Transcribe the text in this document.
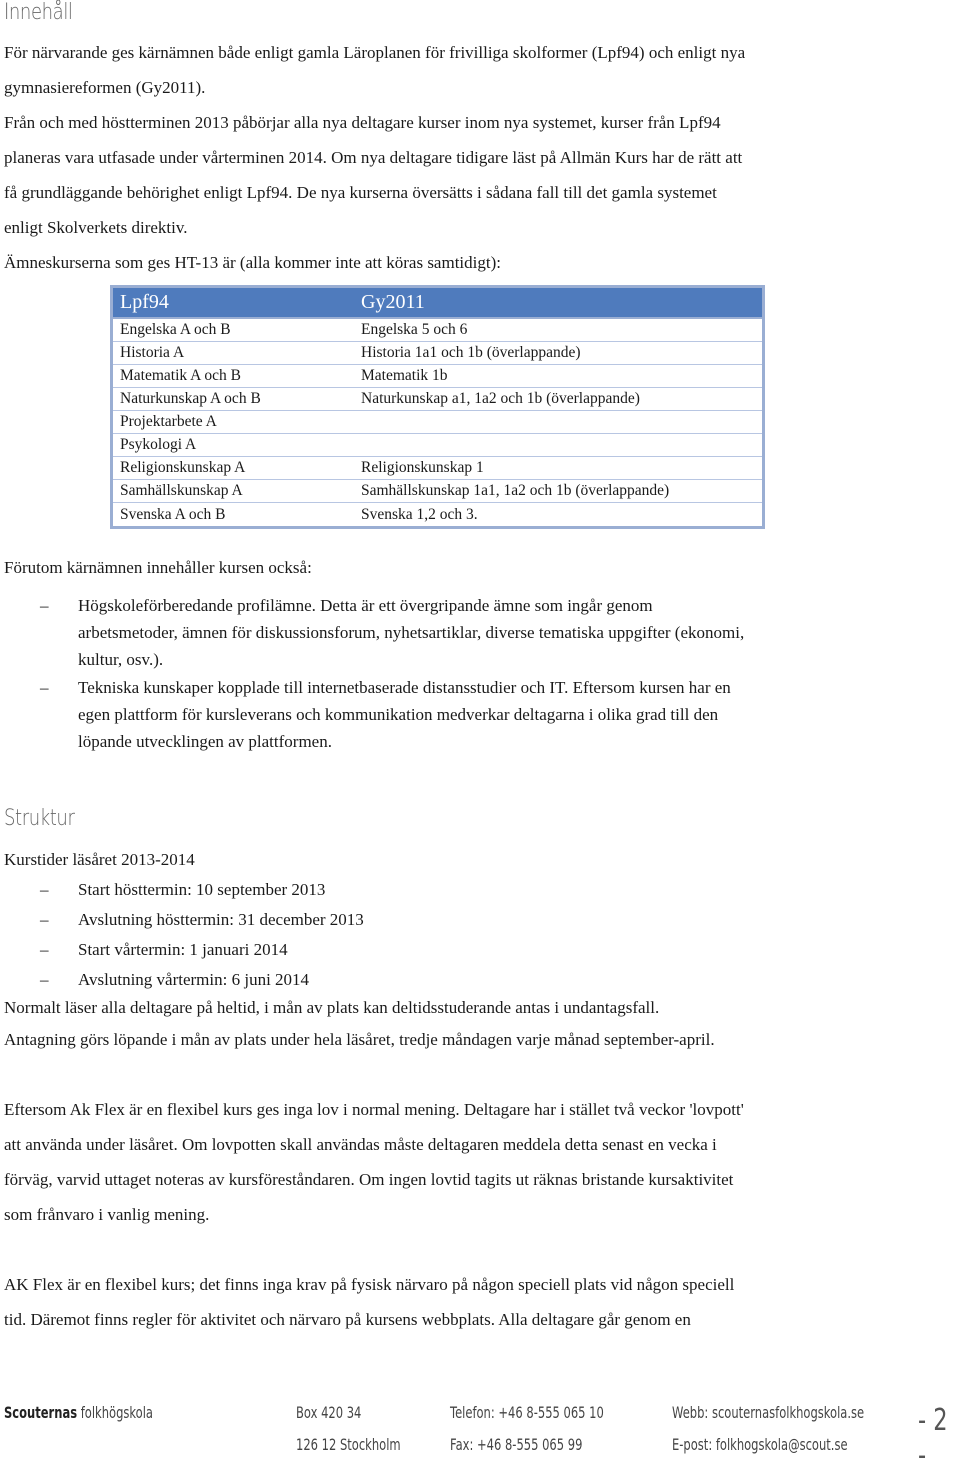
Innehåll
För närvarande ges kärnämnen både enligt gamla Läroplanen för frivilliga skolformer (Lpf94) och enligt nya
gymnasiereformen (Gy2011).
Från och med höstterminen 2013 påbörjar alla nya deltagare kurser inom nya systemet, kurser från Lpf94
planeras vara utfasade under vårterminen 2014. Om nya deltagare tidigare läst på Allmän Kurs har de rätt att
få grundläggande behörighet enligt Lpf94. De nya kurserna översätts i sådana fall till det gamla systemet
enligt Skolverkets direktiv.
Ämneskurserna som ges HT-13 är (alla kommer inte att köras samtidigt):
Lpf94	Gy2011
Engelska A och B	Engelska 5 och 6
Historia A	Historia 1a1 och 1b (överlappande)
Matematik A och B	Matematik 1b
Naturkunskap A och B	Naturkunskap a1, 1a2 och 1b (överlappande)
Projektarbete A
Psykologi A
Religionskunskap A	Religionskunskap 1
Samhällskunskap A	Samhällskunskap 1a1, 1a2 och 1b (överlappande)
Svenska A och B	Svenska 1,2 och 3.
Förutom kärnämnen innehåller kursen också:
– Högskoleförberedande profilämne. Detta är ett övergripande ämne som ingår genom
arbetsmetoder, ämnen för diskussionsforum, nyhetsartiklar, diverse tematiska uppgifter (ekonomi,
kultur, osv.).
– Tekniska kunskaper kopplade till internetbaserade distansstudier och IT. Eftersom kursen har en
egen plattform för kursleverans och kommunikation medverkar deltagarna i olika grad till den
löpande utvecklingen av plattformen.
Struktur
Kurstider läsåret 2013-2014
– Start hösttermin: 10 september 2013
– Avslutning hösttermin: 31 december 2013
– Start vårtermin: 1 januari 2014
– Avslutning vårtermin: 6 juni 2014
Normalt läser alla deltagare på heltid, i mån av plats kan deltidsstuderande antas i undantagsfall.
Antagning görs löpande i mån av plats under hela läsåret, tredje måndagen varje månad september-april.
Eftersom Ak Flex är en flexibel kurs ges inga lov i normal mening. Deltagare har i stället två veckor 'lovpott'
att använda under läsåret. Om lovpotten skall användas måste deltagaren meddela detta senast en vecka i
förväg, varvid uttaget noteras av kursföreståndaren. Om ingen lovtid tagits ut räknas bristande kursaktivitet
som frånvaro i vanlig mening.
AK Flex är en flexibel kurs; det finns inga krav på fysisk närvaro på någon speciell plats vid någon speciell
tid. Däremot finns regler för aktivitet och närvaro på kursens webbplats. Alla deltagare går genom en
Scouternas folkhögskola	Box 420 34
126 12 Stockholm
Telefon: +46 8-555 065 10
Fax: +46 8-555 065 99
Webb: scouternasfolkhogskola.se
E-post: folkhogskola@scout.se
- 2 -
